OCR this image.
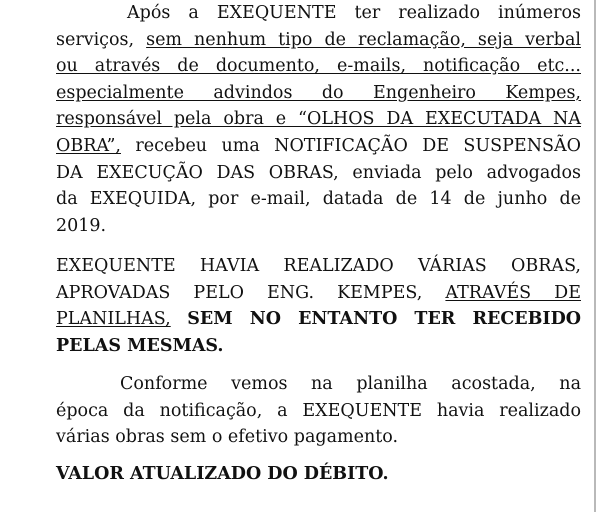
Após a EXEQUENTE ter realizado inúmeros
serviços, sem nenhum tipo de reclamação, seja verbal
ou através de documento, e-mails, notificação etc...
especialmente advindos do Engenheiro Kempes,
responsável pela obra e “OLHOS DA EXECUTADA NA
OBRA”, recebeu uma NOTIFICAÇÃO DE SUSPENSÃO
DA EXECUÇÃO DAS OBRAS, enviada pelo advogados
da EXEQUIDA, por e-mail, datada de 14 de junho de
2019.
EXEQUENTE HAVIA REALIZADO VÁRIAS OBRAS,
APROVADAS PELO ENG. KEMPES, ATRAVÉS DE
PLANILHAS, SEM NO ENTANTO TER RECEBIDO
PELAS MESMAS.
Conforme vemos na planilha acostada, na
época da notificação, a EXEQUENTE havia realizado
várias obras sem o efetivo pagamento.
VALOR ATUALIZADO DO DÉBITO.
